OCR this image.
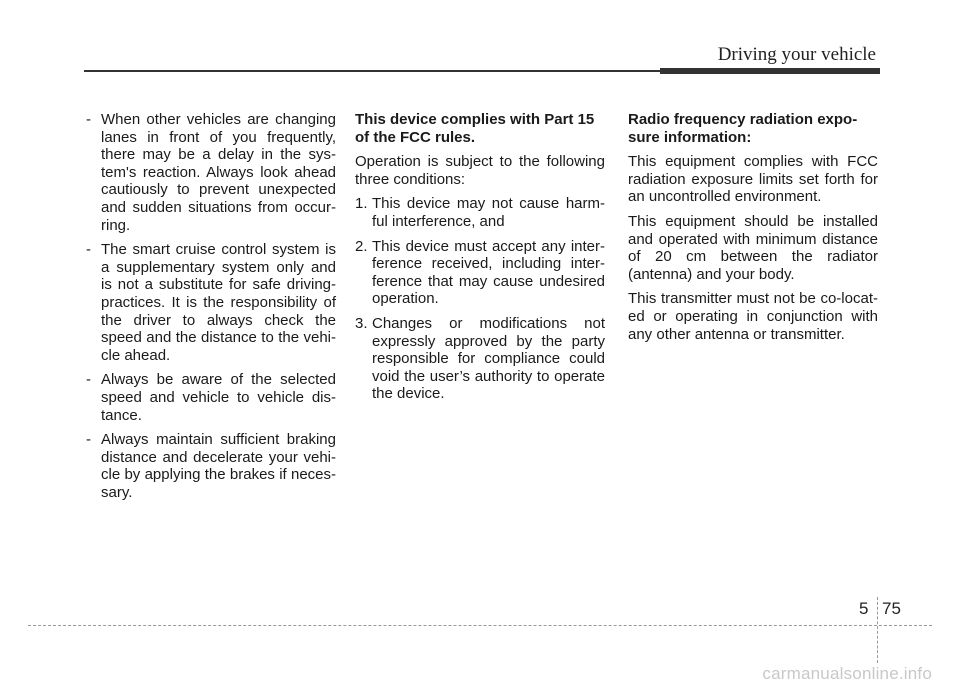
Driving your vehicle
- When other vehicles are changing lanes in front of you frequently, there may be a delay in the sys-tem's reaction. Always look ahead cautiously to prevent unexpected and sudden situations from occur-ring.
- The smart cruise control system is a supplementary system only and is not a substitute for safe driving-practices. It is the responsibility of the driver to always check the speed and the distance to the vehi-cle ahead.
- Always be aware of the selected speed and vehicle to vehicle dis-tance.
- Always maintain sufficient braking distance and decelerate your vehi-cle by applying the brakes if neces-sary.

This device complies with Part 15 of the FCC rules.

Operation is subject to the following three conditions:

1. This device may not cause harm-ful interference, and
2. This device must accept any inter-ference received, including inter-ference that may cause undesired operation.
3. Changes or modifications not expressly approved by the party responsible for compliance could void the user’s authority to operate the device.

Radio frequency radiation expo-sure information:

This equipment complies with FCC radiation exposure limits set forth for an uncontrolled environment.

This equipment should be installed and operated with minimum distance of 20 cm between the radiator (antenna) and your body.

This transmitter must not be co-locat-ed or operating in conjunction with any other antenna or transmitter.

5 75
carmanualsonline.info
